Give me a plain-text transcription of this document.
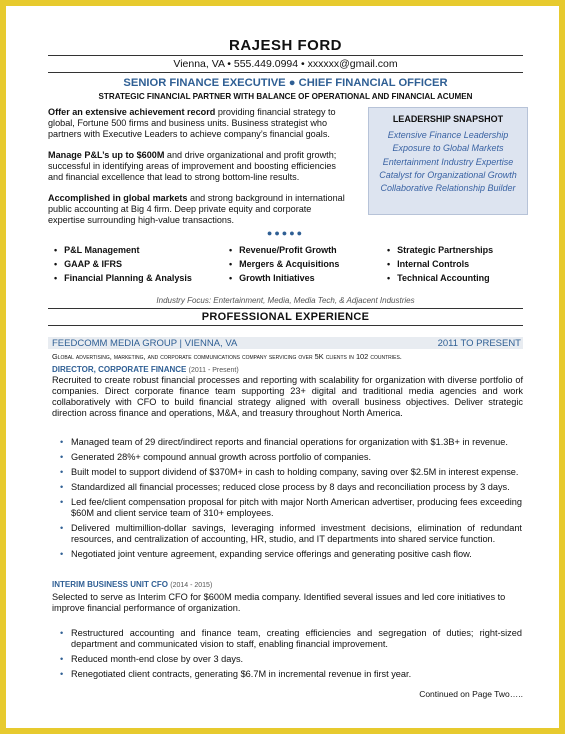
RAJESH FORD
Vienna, VA • 555.449.0994 • xxxxxx@gmail.com
SENIOR FINANCE EXECUTIVE ● CHIEF FINANCIAL OFFICER
STRATEGIC FINANCIAL PARTNER WITH BALANCE OF OPERATIONAL AND FINANCIAL ACUMEN

Offer an extensive achievement record providing financial strategy to global, Fortune 500 firms and business units. Business strategist who partners with Executive Leaders to achieve company’s financial goals.

Manage P&L’s up to $600M and drive organizational and profit growth; successful in identifying areas of improvement and boosting efficiencies and financial excellence that lead to strong bottom-line results.

Accomplished in global markets and strong background in international public accounting at Big 4 firm. Deep private equity and corporate expertise surrounding high-value transactions.

LEADERSHIP SNAPSHOT
Extensive Finance Leadership
Exposure to Global Markets
Entertainment Industry Expertise
Catalyst for Organizational Growth
Collaborative Relationship Builder
●●●●●
• P&L Management	• Revenue/Profit Growth	• Strategic Partnerships
• GAAP & IFRS	• Mergers & Acquisitions	• Internal Controls
• Financial Planning & Analysis	• Growth Initiatives	• Technical Accounting
Industry Focus: Entertainment, Media, Media Tech, & Adjacent Industries
PROFESSIONAL EXPERIENCE
FEEDCOMM MEDIA GROUP | VIENNA, VA	2011 TO PRESENT
Global advertising, marketing, and corporate communications company servicing over 5K clients in 102 countries.
DIRECTOR, CORPORATE FINANCE (2011 - Present)
Recruited to create robust financial processes and reporting with scalability for organization with diverse portfolio of companies. Direct corporate finance team supporting 23+ digital and traditional media agencies and work collaboratively with CFO to build financial strategy aligned with overall business objectives. Deliver strategic direction across finance and operations, M&A, and treasury throughout North America.
• Managed team of 29 direct/indirect reports and financial operations for organization with $1.3B+ in revenue.
• Generated 28%+ compound annual growth across portfolio of companies.
• Built model to support dividend of $370M+ in cash to holding company, saving over $2.5M in interest expense.
• Standardized all financial processes; reduced close process by 8 days and reconciliation process by 3 days.
• Led fee/client compensation proposal for pitch with major North American advertiser, producing fees exceeding $60M and client service team of 310+ employees.
• Delivered multimillion-dollar savings, leveraging informed investment decisions, elimination of redundant resources, and centralization of accounting, HR, studio, and IT departments into shared service function.
• Negotiated joint venture agreement, expanding service offerings and generating positive cash flow.
INTERIM BUSINESS UNIT CFO (2014 - 2015)
Selected to serve as Interim CFO for $600M media company. Identified several issues and led core initiatives to improve financial performance of organization.
• Restructured accounting and finance team, creating efficiencies and segregation of duties; right-sized department and communicated vision to staff, enabling financial improvement.
• Reduced month-end close by over 3 days.
• Renegotiated client contracts, generating $6.7M in incremental revenue in first year.
Continued on Page Two…..
